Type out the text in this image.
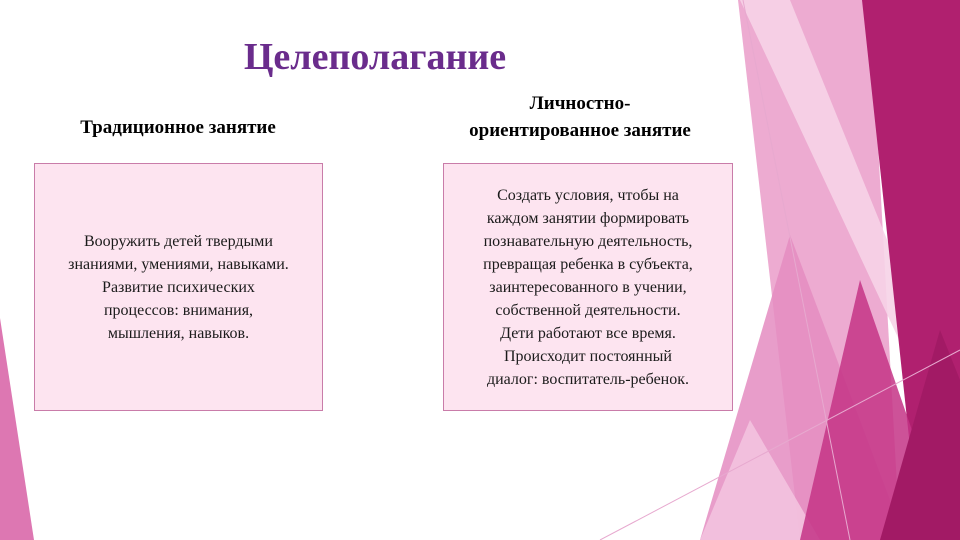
Целеполагание
Традиционное занятие
Личностно-
ориентированное занятие
Вооружить детей твердыми
знаниями, умениями, навыками.
Развитие психических
процессов: внимания,
мышления, навыков.
Создать условия, чтобы на
каждом занятии формировать
познавательную деятельность,
превращая ребенка в субъекта,
заинтересованного в учении,
собственной деятельности.
Дети работают все время.
Происходит постоянный
диалог: воспитатель-ребенок.
